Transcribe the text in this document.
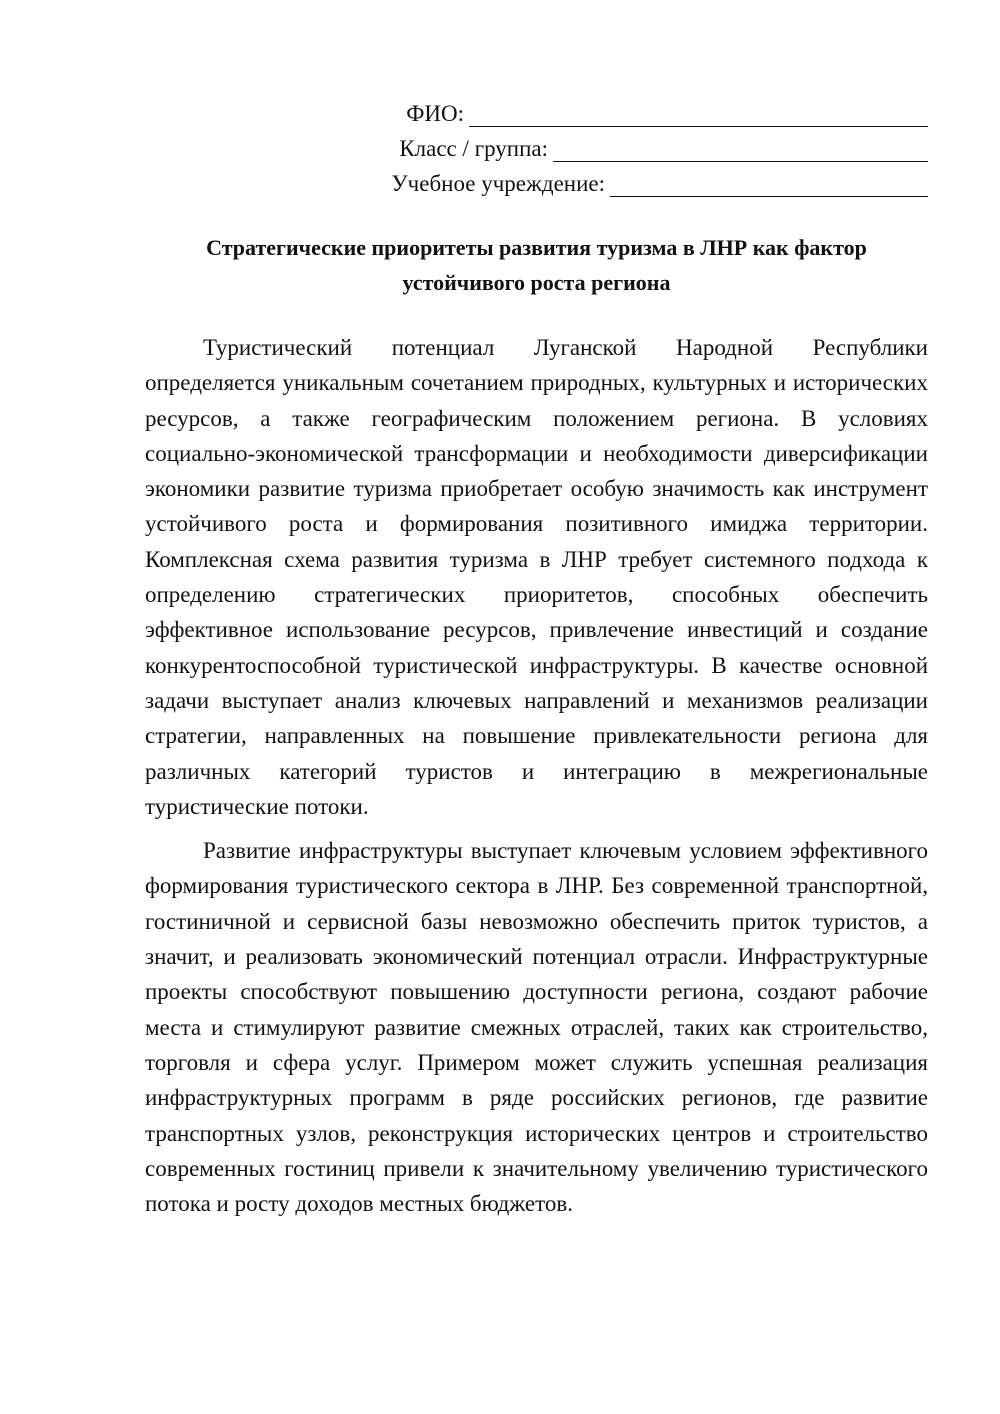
ФИО:
Класс / группа:
Учебное учреждение:
Стратегические приоритеты развития туризма в ЛНР как фактор
устойчивого роста региона

Туристический потенциал Луганской Народной Республики определяется уникальным сочетанием природных, культурных и исторических ресурсов, а также географическим положением региона. В условиях социально-экономической трансформации и необходимости диверсификации экономики развитие туризма приобретает особую значимость как инструмент устойчивого роста и формирования позитивного имиджа территории. Комплексная схема развития туризма в ЛНР требует системного подхода к определению стратегических приоритетов, способных обеспечить эффективное использование ресурсов, привлечение инвестиций и создание конкурентоспособной туристической инфраструктуры. В качестве основной задачи выступает анализ ключевых направлений и механизмов реализации стратегии, направленных на повышение привлекательности региона для различных категорий туристов и интеграцию в межрегиональные туристические потоки.

Развитие инфраструктуры выступает ключевым условием эффективного формирования туристического сектора в ЛНР. Без современной транспортной, гостиничной и сервисной базы невозможно обеспечить приток туристов, а значит, и реализовать экономический потенциал отрасли. Инфраструктурные проекты способствуют повышению доступности региона, создают рабочие места и стимулируют развитие смежных отраслей, таких как строительство, торговля и сфера услуг. Примером может служить успешная реализация инфраструктурных программ в ряде российских регионов, где развитие транспортных узлов, реконструкция исторических центров и строительство современных гостиниц привели к значительному увеличению туристического потока и росту доходов местных бюджетов.
